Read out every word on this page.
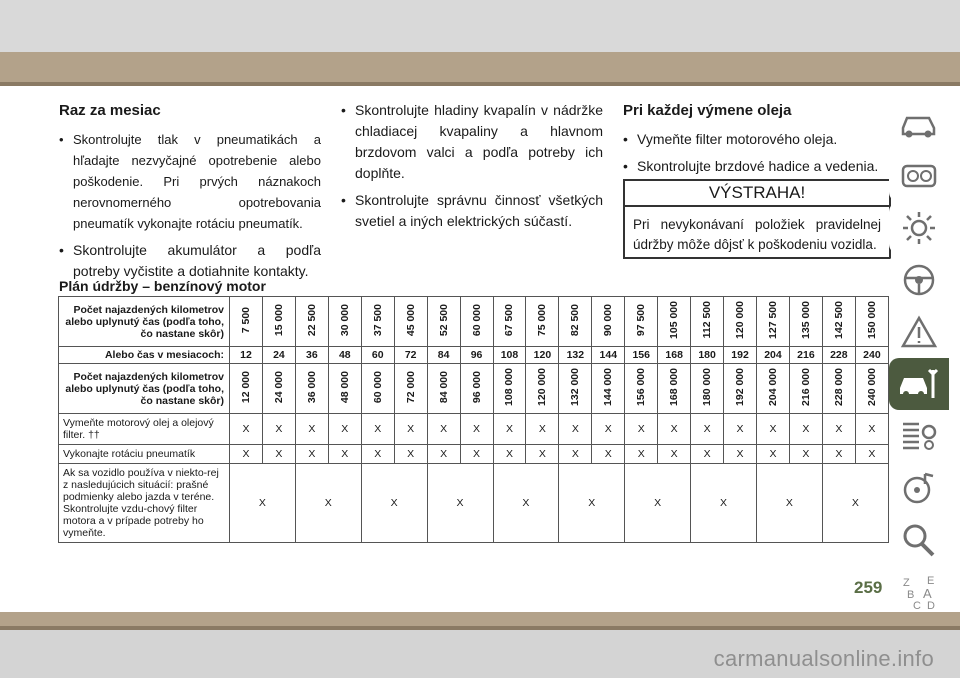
Raz za mesiac
• Skontrolujte tlak v pneumatikách a hľadajte nezvyčajné opotrebenie alebo poškodenie. Pri prvých náznakoch nerovnomerného opotrebovania pneumatík vykonajte rotáciu pneumatík.
• Skontrolujte akumulátor a podľa potreby vyčistite a dotiahnite kontakty.
• Skontrolujte hladiny kvapalín v nádržke chladiacej kvapaliny a hlavnom brzdovom valci a podľa potreby ich doplňte.
• Skontrolujte správnu činnosť všetkých svetiel a iných elektrických súčastí.
Pri každej výmene oleja
• Vymeňte filter motorového oleja.
• Skontrolujte brzdové hadice a vedenia.
VÝSTRAHA!
Pri nevykonávaní položiek pravidelnej údržby môže dôjsť k poškodeniu vozidla.
Plán údržby – benzínový motor
Počet najazdených kilometrov alebo uplynutý čas (podľa toho, čo nastane skôr)	7 500	15 000	22 500	30 000	37 500	45 000	52 500	60 000	67 500	75 000	82 500	90 000	97 500	105 000	112 500	120 000	127 500	135 000	142 500	150 000
Alebo čas v mesiacoch:	12	24	36	48	60	72	84	96	108	120	132	144	156	168	180	192	204	216	228	240
Počet najazdených kilometrov alebo uplynutý čas (podľa toho, čo nastane skôr)	12 000	24 000	36 000	48 000	60 000	72 000	84 000	96 000	108 000	120 000	132 000	144 000	156 000	168 000	180 000	192 000	204 000	216 000	228 000	240 000
Vymeňte motorový olej a olejový filter. ††	X	X	X	X	X	X	X	X	X	X	X	X	X	X	X	X	X	X	X	X
Vykonajte rotáciu pneumatík	X	X	X	X	X	X	X	X	X	X	X	X	X	X	X	X	X	X	X	X
Ak sa vozidlo používa v niekto-rej z nasledujúcich situácií: prašné podmienky alebo jazda v teréne. Skontrolujte vzdu-chový filter motora a v prípade potreby ho vymeňte.	X		X		X		X		X		X		X		X		X		X	
Z E
B A
C D
259
carmanualsonline.info
